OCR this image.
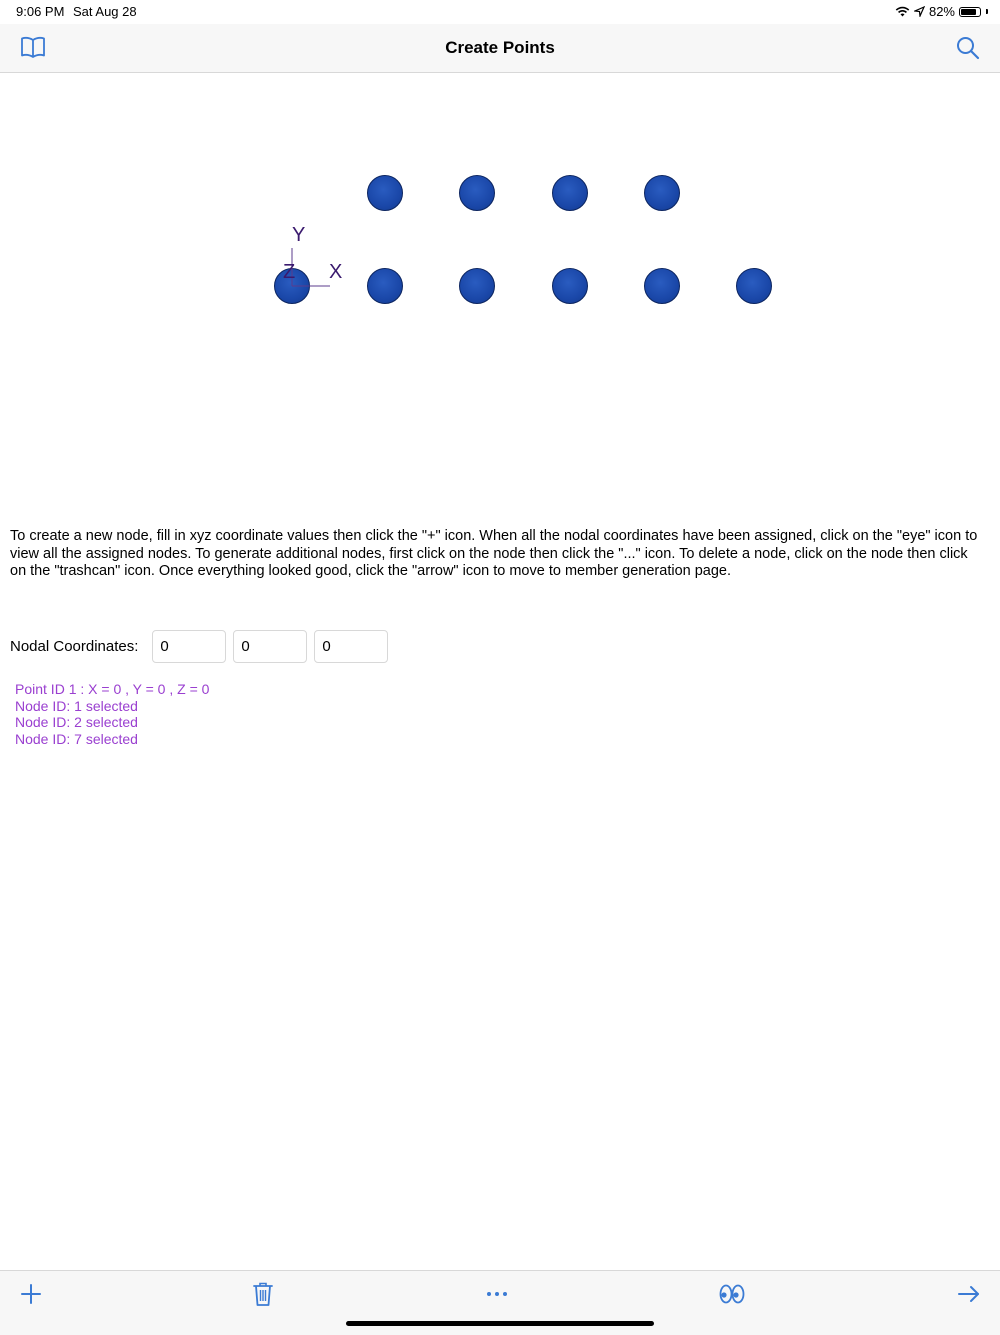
9:06 PM Sat Aug 28	82%
Create Points
Y
Z X
To create a new node, fill in xyz coordinate values then click the "+" icon. When all the nodal coordinates have been assigned, click on the "eye" icon to view all the assigned nodes. To generate additional nodes, first click on the node then click the "..." icon. To delete a node, click on the node then click on the "trashcan" icon. Once everything looked good, click the "arrow" icon to move to member generation page.
Nodal Coordinates:
0
0
0
Point ID 1 : X = 0 , Y = 0 , Z = 0
Node ID: 1 selected
Node ID: 2 selected
Node ID: 7 selected
